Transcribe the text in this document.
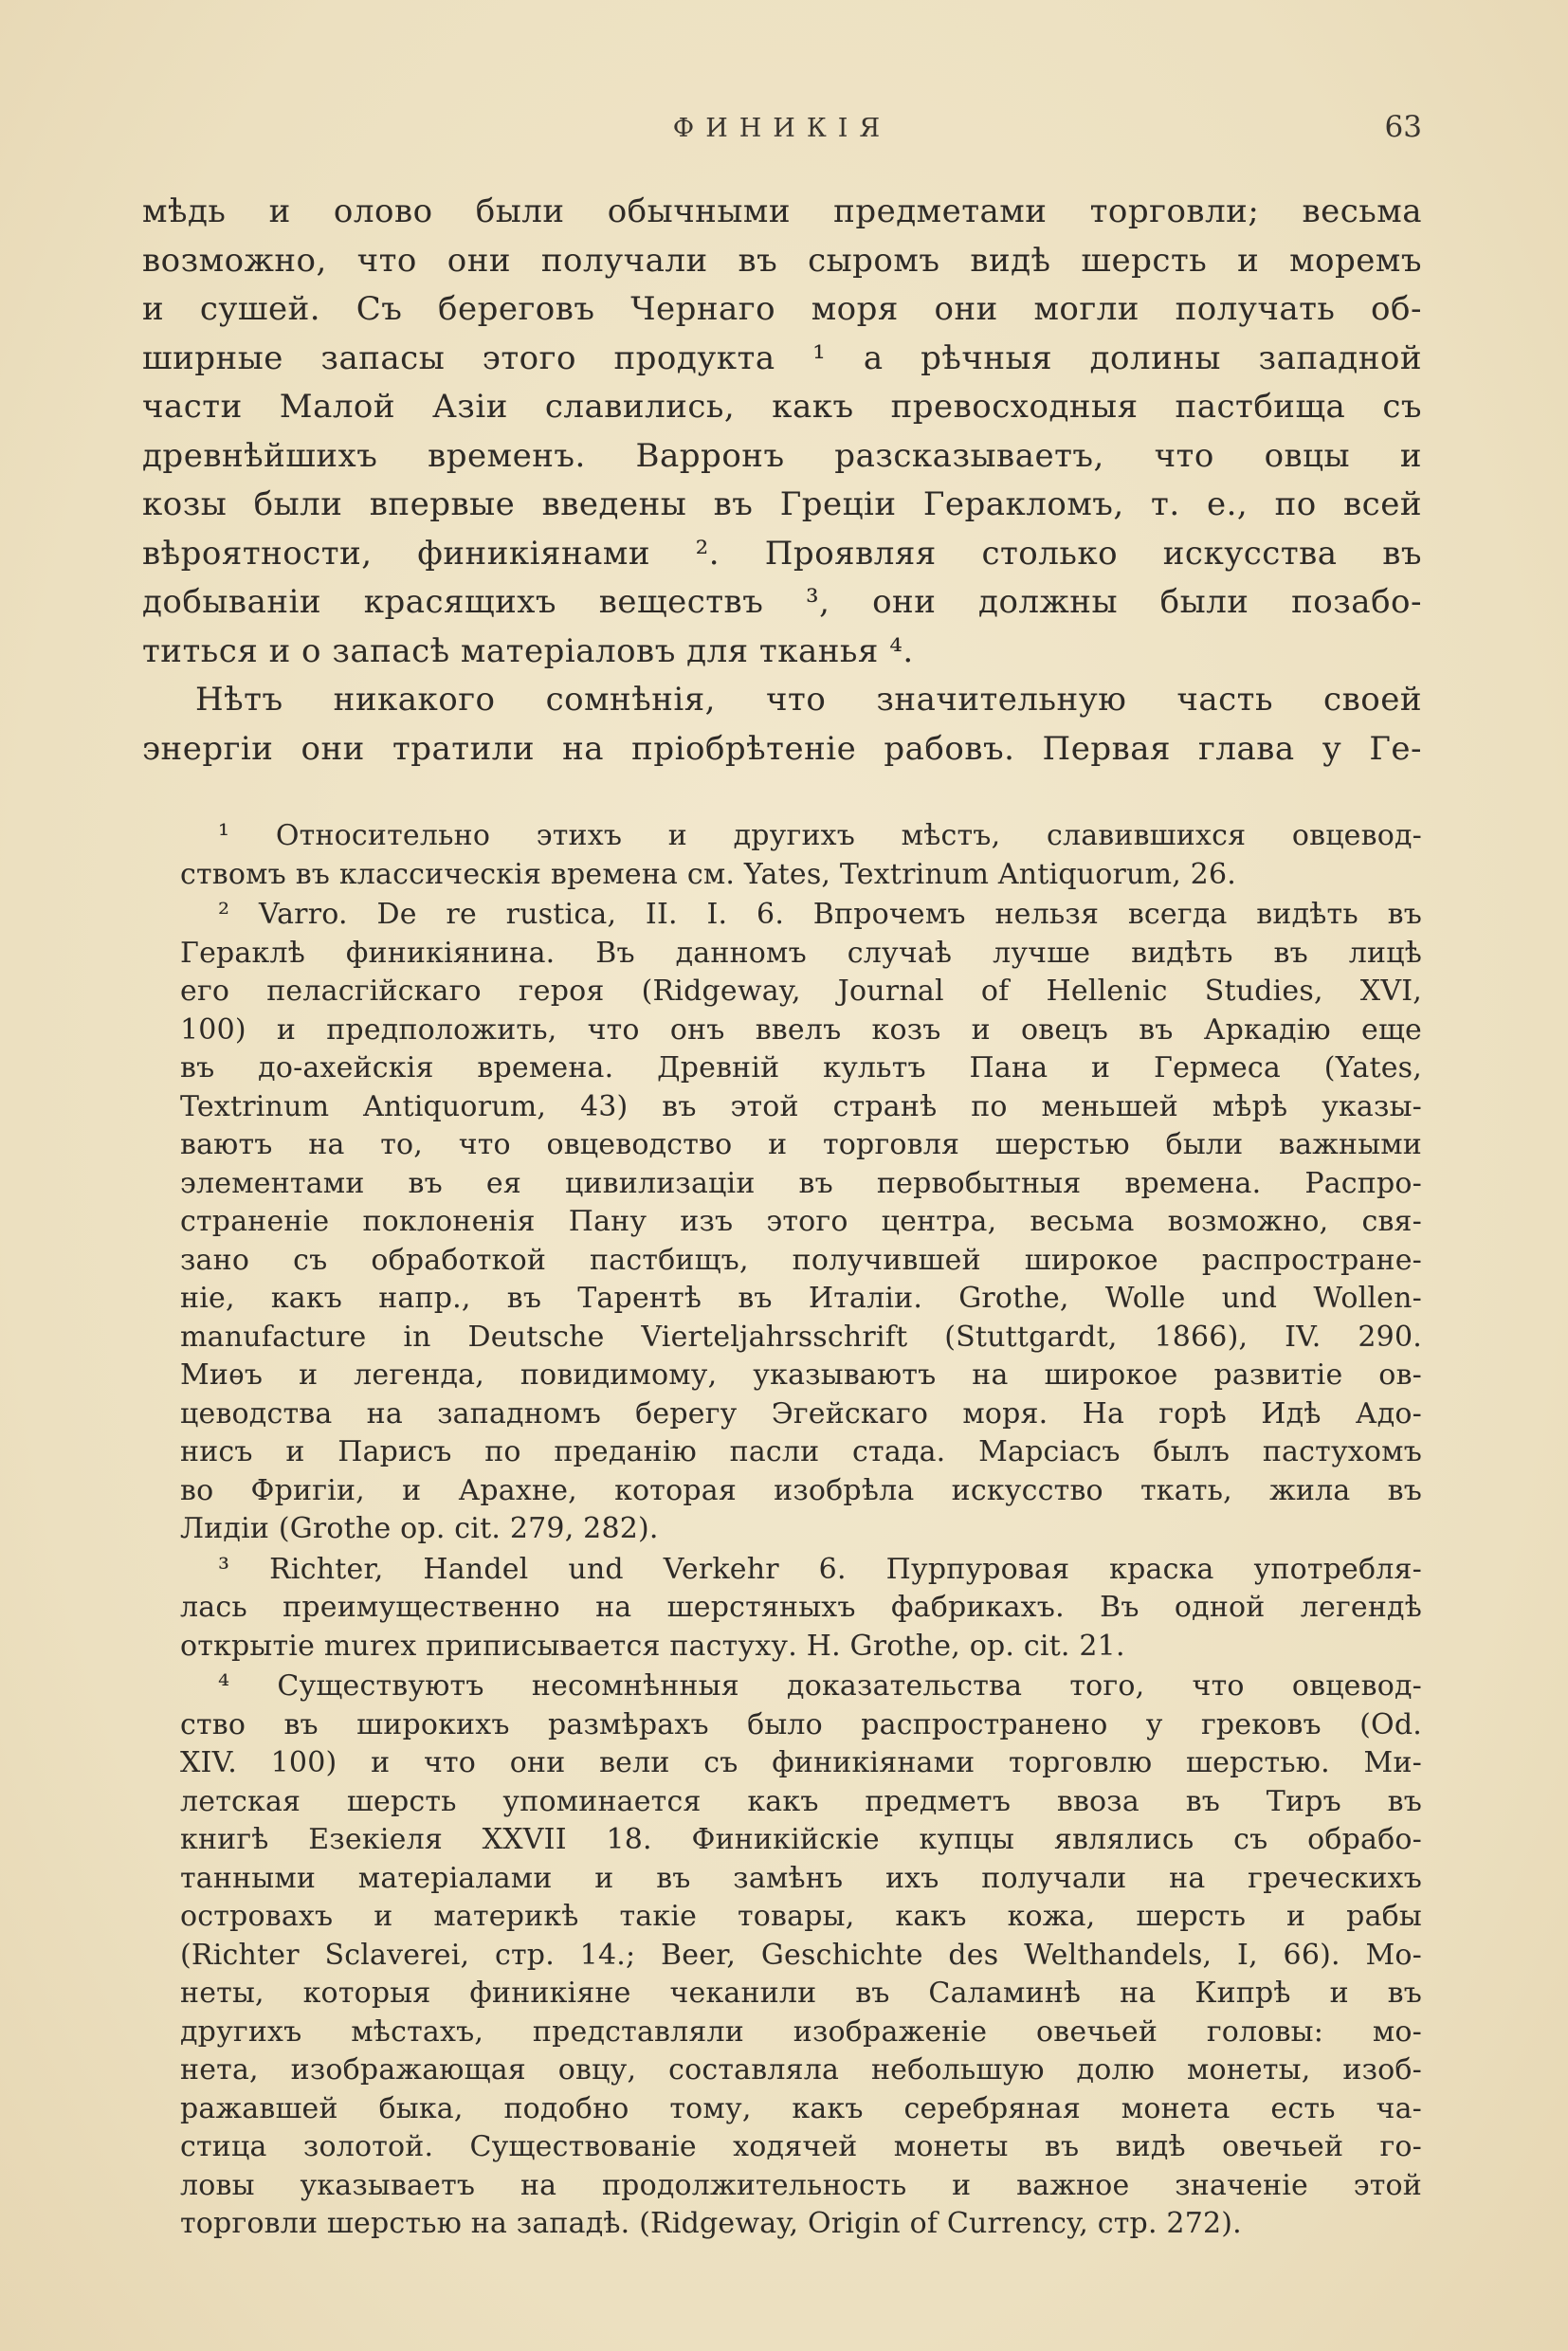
ФИНИКІЯ	63

мѣдь и олово были обычными предметами торговли; весьма
возможно, что они получали въ сыромъ видѣ шерсть и моремъ
и сушей. Съ береговъ Чернаго моря они могли получать об-
ширные запасы этого продукта ¹ а рѣчныя долины западной
части Малой Азіи славились, какъ превосходныя пастбища съ
древнѣйшихъ временъ. Варронъ разсказываетъ, что овцы и
козы были впервые введены въ Греціи Геракломъ, т. е., по всей
вѣроятности, финикіянами ². Проявляя столько искусства въ
добываніи красящихъ веществъ ³, они должны были позабо-
титься и о запасѣ матеріаловъ для тканья ⁴.

Нѣтъ никакого сомнѣнія, что значительную часть своей

энергіи они тратили на пріобрѣтеніе рабовъ. Первая глава у Ге-

¹ Относительно этихъ и другихъ мѣстъ, славившихся овцевод-
ствомъ въ классическія времена см. Yates, Textrinum Antiquorum, 26.
² Varro. De re rustica, II. I. 6. Впрочемъ нельзя всегда видѣть въ
Гераклѣ финикіянина. Въ данномъ случаѣ лучше видѣть въ лицѣ
его пеласгійскаго героя (Ridgeway, Journal of Hellenic Studies, XVI,
100) и предположить, что онъ ввелъ козъ и овецъ въ Аркадію еще
въ до-ахейскія времена. Древній культъ Пана и Гермеса (Yates,
Textrinum Antiquorum, 43) въ этой странѣ по меньшей мѣрѣ указы-
ваютъ на то, что овцеводство и торговля шерстью были важными
элементами въ ея цивилизаціи въ первобытныя времена. Распро-
страненіе поклоненія Пану изъ этого центра, весьма возможно, свя-
зано съ обработкой пастбищъ, получившей широкое распростране-
ніе, какъ напр., въ Тарентѣ въ Италіи. Grothe, Wolle und Wollen-
manufacture in Deutsche Vierteljahrsschrift (Stuttgardt, 1866), IV. 290.
Миѳъ и легенда, повидимому, указываютъ на широкое развитіе ов-
цеводства на западномъ берегу Эгейскаго моря. На горѣ Идѣ Адо-
нисъ и Парисъ по преданію пасли стада. Марсіасъ былъ пастухомъ
во Фригіи, и Арахне, которая изобрѣла искусство ткать, жила въ
Лидіи (Grothe op. cit. 279, 282).
³ Richter, Handel und Verkehr 6. Пурпуровая краска употребля-
лась преимущественно на шерстяныхъ фабрикахъ. Въ одной легендѣ
открытіе murex приписывается пастуху. H. Grothe, op. cit. 21.
⁴ Существуютъ несомнѣнныя доказательства того, что овцевод-
ство въ широкихъ размѣрахъ было распространено у грековъ (Od.
XIV. 100) и что они вели съ финикіянами торговлю шерстью. Ми-
летская шерсть упоминается какъ предметъ ввоза въ Тиръ въ
книгѣ Езекіеля XXVII 18. Финикійскіе купцы являлись съ обрабо-
танными матеріалами и въ замѣнъ ихъ получали на греческихъ
островахъ и материкѣ такіе товары, какъ кожа, шерсть и рабы
(Richter Sclaverei, стр. 14.; Beer, Geschichte des Welthandels, I, 66). Мо-
неты, которыя финикіяне чеканили въ Саламинѣ на Кипрѣ и въ
другихъ мѣстахъ, представляли изображеніе овечьей головы: мо-
нета, изображающая овцу, составляла небольшую долю монеты, изоб-
ражавшей быка, подобно тому, какъ серебряная монета есть ча-
стица золотой. Существованіе ходячей монеты въ видѣ овечьей го-
ловы указываетъ на продолжительность и важное значеніе этой
торговли шерстью на западѣ. (Ridgeway, Origin of Currency, стр. 272).
